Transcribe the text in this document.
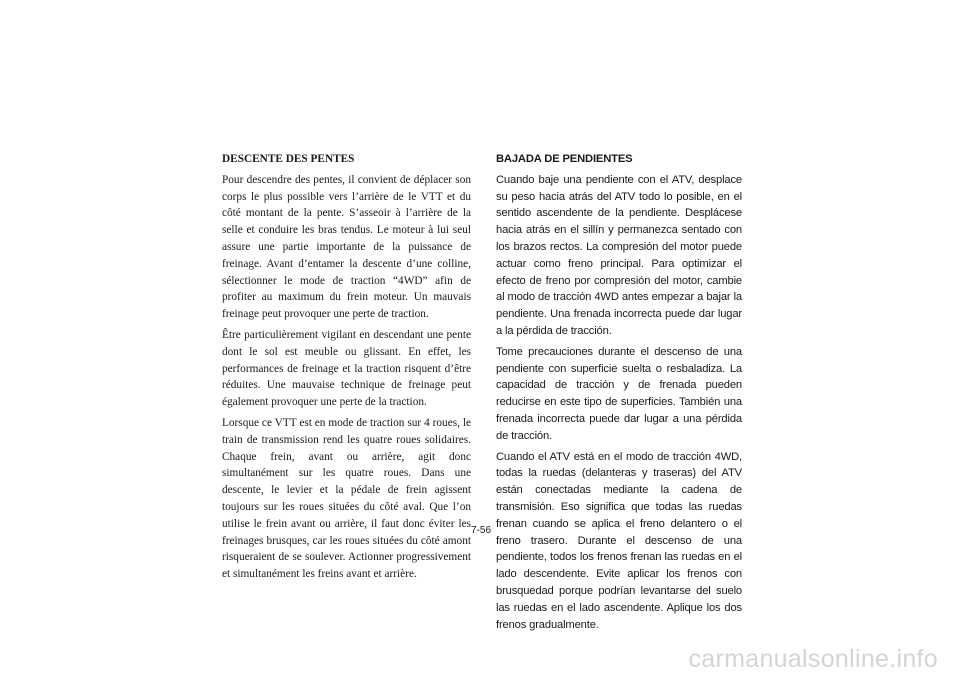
DESCENTE DES PENTES

Pour descendre des pentes, il convient de déplacer son corps le plus possible vers l’arrière de le VTT et du côté montant de la pente. S’asseoir à l’arrière de la selle et conduire les bras tendus. Le moteur à lui seul assure une partie importante de la puissance de freinage. Avant d’entamer la descente d’une colline, sélectionner le mode de traction “4WD” afin de profiter au maximum du frein moteur. Un mauvais freinage peut provoquer une perte de traction.

Être particulièrement vigilant en descendant une pente dont le sol est meuble ou glissant. En effet, les performances de freinage et la traction risquent d’être réduites. Une mauvaise technique de freinage peut également provoquer une perte de la traction.

Lorsque ce VTT est en mode de traction sur 4 roues, le train de transmission rend les quatre roues solidaires. Chaque frein, avant ou arrière, agit donc simultanément sur les quatre roues. Dans une descente, le levier et la pédale de frein agissent toujours sur les roues situées du côté aval. Que l’on utilise le frein avant ou arrière, il faut donc éviter les freinages brusques, car les roues situées du côté amont risqueraient de se soulever. Actionner progressivement et simultanément les freins avant et arrière.

BAJADA DE PENDIENTES

Cuando baje una pendiente con el ATV, desplace su peso hacia atrás del ATV todo lo posible, en el sentido ascendente de la pendiente. Desplácese hacia atrás en el sillín y permanezca sentado con los brazos rectos. La compresión del motor puede actuar como freno principal. Para optimizar el efecto de freno por compresión del motor, cambie al modo de tracción 4WD antes empezar a bajar la pendiente. Una frenada incorrecta puede dar lugar a la pérdida de tracción.

Tome precauciones durante el descenso de una pendiente con superficie suelta o resbaladiza. La capacidad de tracción y de frenada pueden reducirse en este tipo de superficies. También una frenada incorrecta puede dar lugar a una pérdida de tracción.

Cuando el ATV está en el modo de tracción 4WD, todas la ruedas (delanteras y traseras) del ATV están conectadas mediante la cadena de transmisión. Eso significa que todas las ruedas frenan cuando se aplica el freno delantero o el freno trasero. Durante el descenso de una pendiente, todos los frenos frenan las ruedas en el lado descendente. Evite aplicar los frenos con brusquedad porque podrían levantarse del suelo las ruedas en el lado ascendente. Aplique los dos frenos gradualmente.

7-56
carmanualsonline.info
